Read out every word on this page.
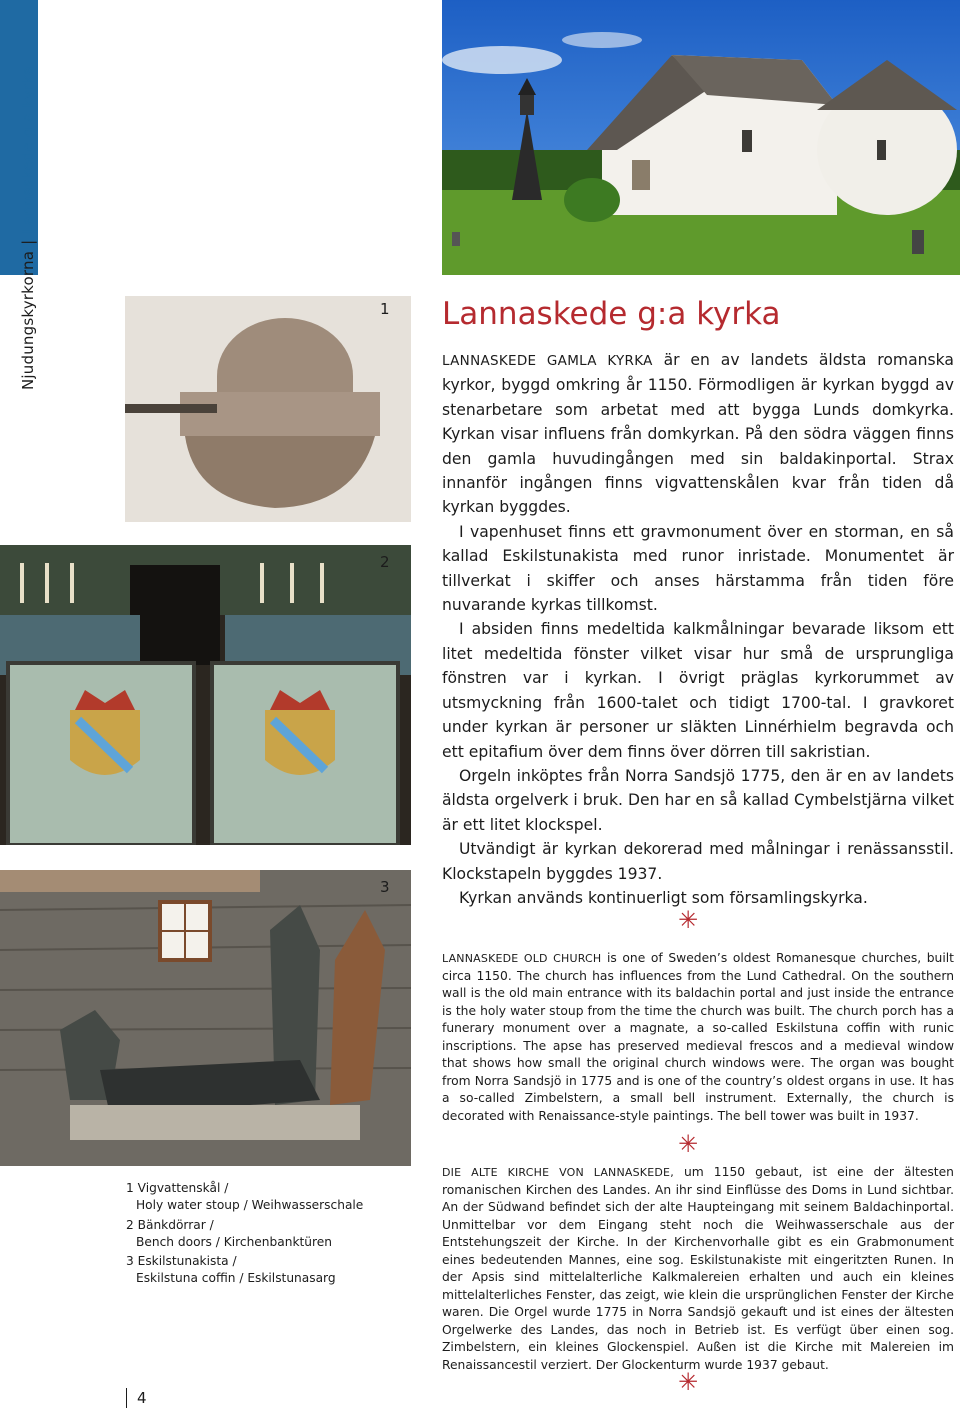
Njudungskyrkorna|Lannaskede g:a kyrka
1
2
3
Lannaskede g:a kyrka

LANNASKEDE GAMLA KYRKA är en av landets äldsta romanska kyrkor, byggd omkring år 1150. Förmodligen är kyrkan byggd av stenarbetare som arbetat med att bygga Lunds domkyrka. Kyrkan visar influens från domkyrkan. På den södra väggen finns den gamla huvudingången med sin baldakinportal. Strax innanför ingången finns vigvattenskålen kvar från tiden då kyrkan byggdes.

I vapenhuset finns ett gravmonument över en storman, en så kallad Eskilstunakista med runor inristade. Monumentet är tillverkat i skiffer och anses härstamma från tiden före nuvarande kyrkas tillkomst.

I absiden finns medeltida kalkmålningar bevarade liksom ett litet medeltida fönster vilket visar hur små de ursprungliga fönstren var i kyrkan. I övrigt präglas kyrkorummet av utsmyckning från 1600-talet och tidigt 1700-tal. I gravkoret under kyrkan är personer ur släkten Linnérhielm begravda och ett epitafium över dem finns över dörren till sakristian.

Orgeln inköptes från Norra Sandsjö 1775, den är en av landets äldsta orgelverk i bruk. Den har en så kallad Cymbelstjärna vilket är ett litet klockspel.

Utvändigt är kyrkan dekorerad med målningar i renässansstil. Klockstapeln byggdes 1937.

Kyrkan används kontinuerligt som församlingskyrka.

✳
✳
✳

LANNASKEDE OLD CHURCH is one of Sweden’s oldest Romanesque churches, built circa 1150. The church has influences from the Lund Cathedral. On the southern wall is the old main entrance with its baldachin portal and just inside the entrance is the holy water stoup from the time the church was built. The church porch has a funerary monument over a magnate, a so-called Eskilstuna coffin with runic inscriptions. The apse has preserved medieval frescos and a medieval window that shows how small the original church windows were. The organ was bought from Norra Sandsjö in 1775 and is one of the country’s oldest organs in use. It has a so-called Zimbelstern, a small bell instrument. Externally, the church is decorated with Renaissance-style paintings. The bell tower was built in 1937.

DIE ALTE KIRCHE VON LANNASKEDE, um 1150 gebaut, ist eine der ältesten romanischen Kirchen des Landes. An ihr sind Einflüsse des Doms in Lund sichtbar. An der Südwand befindet sich der alte Haupteingang mit seinem Baldachinportal. Unmittelbar vor dem Eingang steht noch die Weihwasserschale aus der Entstehungszeit der Kirche. In der Kirchenvorhalle gibt es ein Grabmonument eines bedeutenden Mannes, eine sog. Eskilstunakiste mit eingeritzten Runen. In der Apsis sind mittelalterliche Kalkmalereien erhalten und auch ein kleines mittelalterliches Fenster, das zeigt, wie klein die ursprünglichen Fenster der Kirche waren. Die Orgel wurde 1775 in Norra Sandsjö gekauft und ist eines der ältesten Orgelwerke des Landes, das noch in Betrieb ist. Es verfügt über einen sog. Zimbelstern, ein kleines Glockenspiel. Außen ist die Kirche mit Malereien im Renaissancestil verziert. Der Glockenturm wurde 1937 gebaut.

1 Vigvattenskål /
Holy water stoup / Weihwasserschale
2 Bänkdörrar /
Bench doors / Kirchenbanktüren
3 Eskilstunakista /
Eskilstuna coffin / Eskilstunasarg
4
